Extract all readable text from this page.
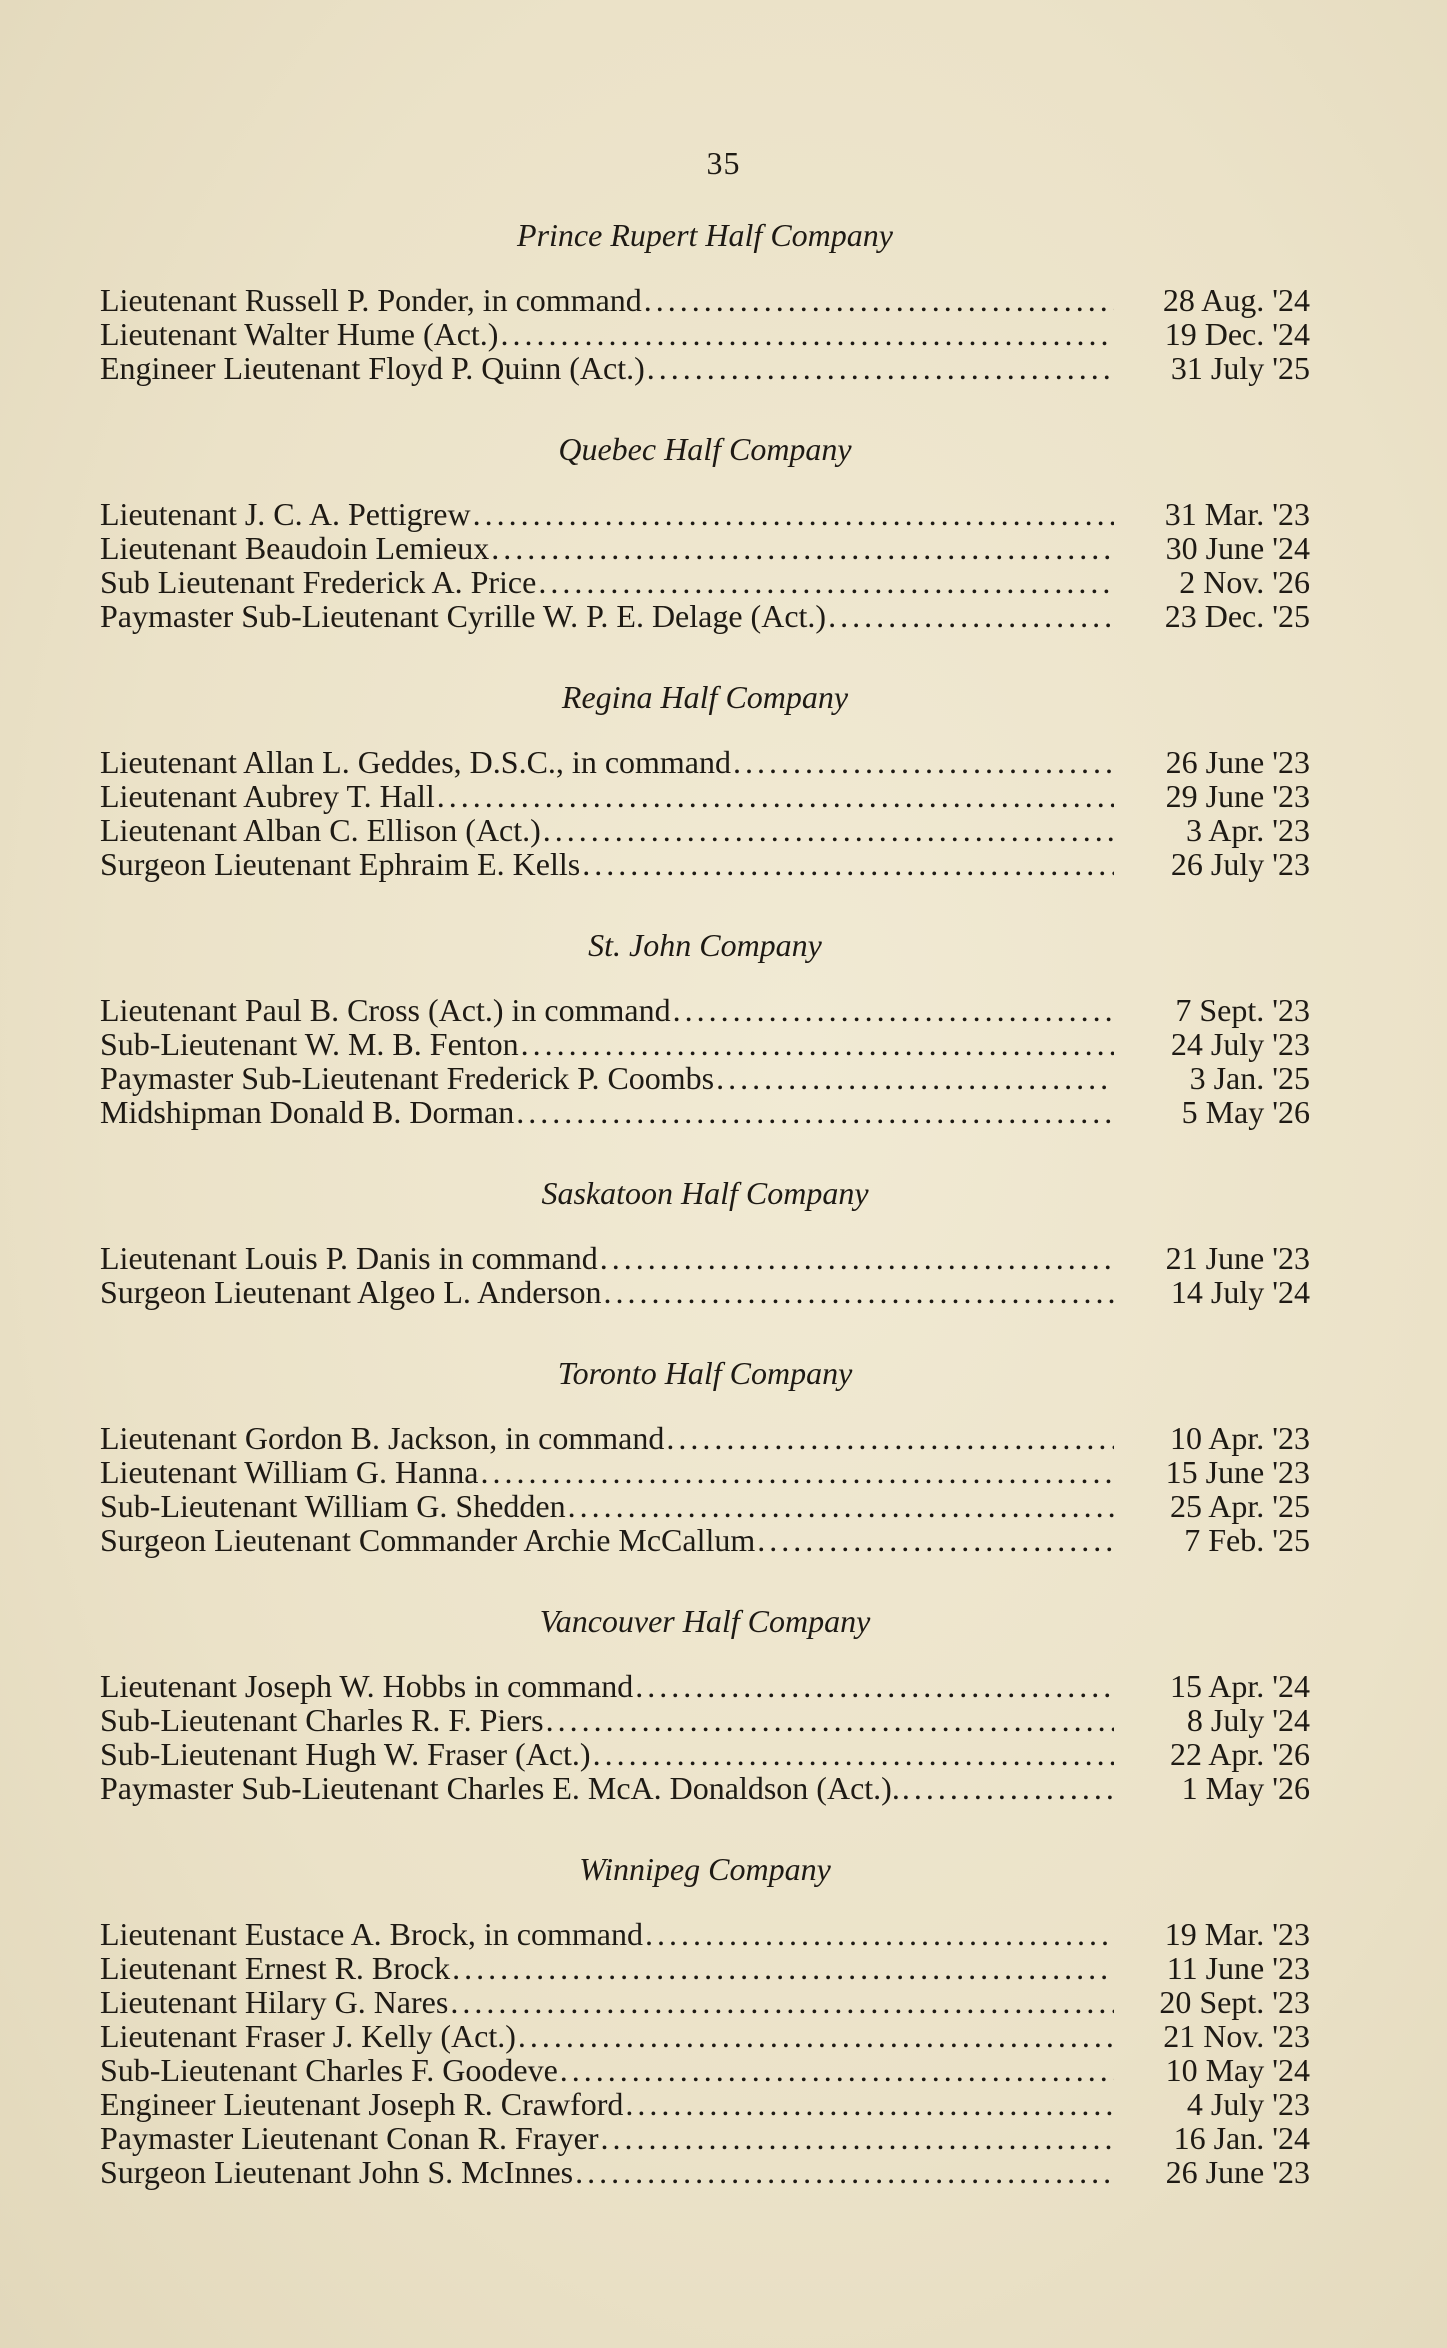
35
Prince Rupert Half Company
Lieutenant Russell P. Ponder, in command .....	28 Aug. '24
Lieutenant Walter Hume (Act.) .....	19 Dec. '24
Engineer Lieutenant Floyd P. Quinn (Act.) .....	31 July '25
Quebec Half Company
Lieutenant J. C. A. Pettigrew .....	31 Mar. '23
Lieutenant Beaudoin Lemieux .....	30 June '24
Sub Lieutenant Frederick A. Price .....	2 Nov. '26
Paymaster Sub-Lieutenant Cyrille W. P. E. Delage (Act.) .....	23 Dec. '25
Regina Half Company
Lieutenant Allan L. Geddes, D.S.C., in command .....	26 June '23
Lieutenant Aubrey T. Hall .....	29 June '23
Lieutenant Alban C. Ellison (Act.) .....	3 Apr. '23
Surgeon Lieutenant Ephraim E. Kells .....	26 July '23
St. John Company
Lieutenant Paul B. Cross (Act.) in command .....	7 Sept. '23
Sub-Lieutenant W. M. B. Fenton .....	24 July '23
Paymaster Sub-Lieutenant Frederick P. Coombs .....	3 Jan. '25
Midshipman Donald B. Dorman .....	5 May '26
Saskatoon Half Company
Lieutenant Louis P. Danis in command .....	21 June '23
Surgeon Lieutenant Algeo L. Anderson .....	14 July '24
Toronto Half Company
Lieutenant Gordon B. Jackson, in command .....	10 Apr. '23
Lieutenant William G. Hanna .....	15 June '23
Sub-Lieutenant William G. Shedden .....	25 Apr. '25
Surgeon Lieutenant Commander Archie McCallum .....	7 Feb. '25
Vancouver Half Company
Lieutenant Joseph W. Hobbs in command .....	15 Apr. '24
Sub-Lieutenant Charles R. F. Piers .....	8 July '24
Sub-Lieutenant Hugh W. Fraser (Act.) .....	22 Apr. '26
Paymaster Sub-Lieutenant Charles E. McA. Donaldson (Act.). .....	1 May '26
Winnipeg Company
Lieutenant Eustace A. Brock, in command .....	19 Mar. '23
Lieutenant Ernest R. Brock .....	11 June '23
Lieutenant Hilary G. Nares .....	20 Sept. '23
Lieutenant Fraser J. Kelly (Act.) .....	21 Nov. '23
Sub-Lieutenant Charles F. Goodeve .....	10 May '24
Engineer Lieutenant Joseph R. Crawford .....	4 July '23
Paymaster Lieutenant Conan R. Frayer .....	16 Jan. '24
Surgeon Lieutenant John S. McInnes .....	26 June '23
